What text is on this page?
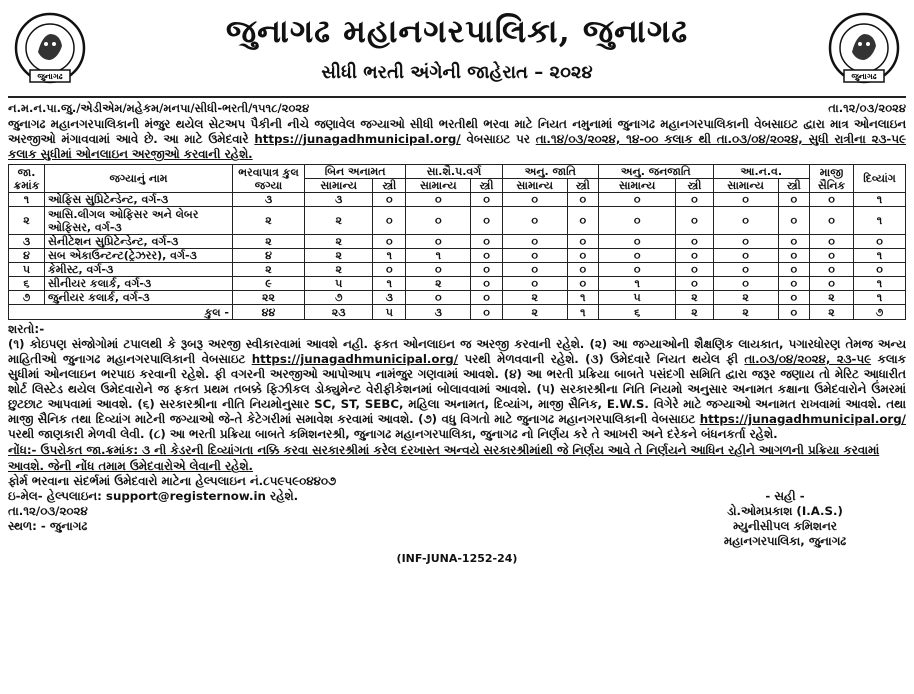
જુનાગઢ
જુનાગઢ મહાનગરપાલિકા, જુનાગઢ
સીધી ભરતી અંગેની જાહેરાત – ૨૦૨૪	જુનાગઢ
ન.મ.ન.પા.જુ./એડીએમ/મહેકમ/મનપા/સીધી-ભરતી/૧૫૧૮/૨૦૨૪	તા.૧૨/૦૩/૨૦૨૪
જુનાગઢ મહાનગરપાલિકાની મંજુર થયેલ સેટઅપ પૈકીની નીચે જણાવેલ જગ્યાઓ સીધી ભરતીથી ભરવા માટે નિયત નમુનામાં જુનાગઢ મહાનગરપાલિકાની વેબસાઇટ દ્વારા માત્ર ઓનલાઇન અરજીઓ મંગાવવામાં આવે છે. આ માટે ઉમેદવારે https://junagadhmunicipal.org/ વેબસાઇટ પર તા.૧૪/૦૩/૨૦૨૪, ૧૪-૦૦ કલાક થી તા.૦૩/૦૪/૨૦૨૪, સુધી રાત્રીના ૨૩-૫૯ કલાક સુધીમાં ઓનલાઇન અરજીઓ કરવાની રહેશે.
જા. ક્રમાંક	જગ્યાનું નામ	ભરવાપાત્ર કુલ જગ્યા	બિન અનામત		સા.શૈ.પ.વર્ગ		અનુ. જાતિ		અનુ. જનજાતિ		આ.ન.વ.		માજી સૈનિક	દિવ્યાંગ
			સામાન્ય	સ્ત્રી	સામાન્ય	સ્ત્રી	સામાન્ય	સ્ત્રી	સામાન્ય	સ્ત્રી	સામાન્ય	સ્ત્રી		
૧	ઓફિસ સુપ્રિટેન્ડેન્ટ, વર્ગ-૩	૩	૩	૦	૦	૦	૦	૦	૦	૦	૦	૦	૦	૧
૨	આસિ.લીગલ ઓફિસર અને લેબર ઓફિસર, વર્ગ-૩	૨	૨	૦	૦	૦	૦	૦	૦	૦	૦	૦	૦	૧
૩	સેનીટેશન સુપ્રિટેન્ડેન્ટ, વર્ગ-૩	૨	૨	૦	૦	૦	૦	૦	૦	૦	૦	૦	૦	૦
૪	સબ એકાઉન્ટન્ટ(ટ્રેઝરર), વર્ગ-૩	૪	૨	૧	૧	૦	૦	૦	૦	૦	૦	૦	૦	૧
૫	કેમીસ્ટ, વર્ગ-૩	૨	૨	૦	૦	૦	૦	૦	૦	૦	૦	૦	૦	૦
૬	સીનીયર કલાર્ક, વર્ગ-૩	૯	૫	૧	૨	૦	૦	૦	૧	૦	૦	૦	૦	૧
૭	જુનીયર કલાર્ક, વર્ગ-૩	૨૨	૭	૩	૦	૦	૨	૧	૫	૨	૨	૦	૨	૧
કુલ -		૪૪	૨૩	૫	૩	૦	૨	૧	૬	૨	૨	૦	૨	૭
શરતો:-
(૧) કોઇપણ સંજોગોમાં ટપાલથી કે રૂબરૂ અરજી સ્વીકારવામાં આવશે નહી. ફકત ઓનલાઇન જ અરજી કરવાની રહેશે. (૨) આ જગ્યાઓની શૈક્ષણિક લાયકાત, પગારધોરણ તેમજ અન્ય માહિતીઓ જુનાગઢ મહાનગરપાલિકાની વેબસાઇટ https://junagadhmunicipal.org/ પરથી મેળવવાની રહેશે. (૩) ઉમેદવારે નિયત થયેલ ફી તા.૦૩/૦૪/૨૦૨૪, ૨૩-૫૯ કલાક સુધીમાં ઓનલાઇન ભરપાઇ કરવાની રહેશે. ફી વગરની અરજીઓ આપોઆપ નામંજુર ગણવામાં આવશે. (૪) આ ભરતી પ્રક્રિયા બાબતે પસંદગી સમિતિ દ્વારા જરૂર જણાય તો મેરિટ આધારીત શોર્ટ લિસ્ટેડ થયેલ ઉમેદવારોને જ ફકત પ્રથમ તબક્કે ફિઝીકલ ડોક્યુમેન્ટ વેરીફીકેશનમાં બોલાવવામાં આવશે. (૫) સરકારશ્રીના નિતિ નિયમો અનુસાર અનામત કક્ષાના ઉમેદવારોને ઉંમરમાં છુટછાટ આપવામાં આવશે. (૬) સરકારશ્રીના નીતિ નિયમોનુસાર SC, ST, SEBC, મહિલા અનામત, દિવ્યાંગ, માજી સૈનિક, E.W.S. વિગેરે માટે જગ્યાઓ અનામત રાખવામાં આવશે. તથા માજી સૈનિક તથા દિવ્યાંગ માટેની જગ્યાઓ જે-તે કેટેગરીમાં સમાવેશ કરવામાં આવશે. (૭) વધુ વિગતો માટે જુનાગઢ મહાનગરપાલિકાની વેબસાઇટ https://junagadhmunicipal.org/ પરથી જાણકારી મેળવી લેવી. (૮) આ ભરતી પ્રક્રિયા બાબતે કમિશનરશ્રી, જુનાગઢ મહાનગરપાલિકા, જુનાગઢ નો નિર્ણય કરે તે આખરી અને દરેકને બંધનકર્તા રહેશે.
નોંધ:- ઉપરોકત જા.ક્રમાંક: ૩ ની કેડરની દિવ્યાંગતા નક્કિ કરવા સરકારશ્રીમાં કરેલ દરખાસ્ત અન્વયે સરકારશ્રીમાંથી જે નિર્ણય આવે તે નિર્ણયને આધિન રહીને આગળની પ્રક્રિયા કરવામાં આવશે. જેની નોંધ તમામ ઉમેદવારોએ લેવાની રહેશે.
ફોર્મ ભરવાના સંદર્ભમાં ઉમેદવારો માટેના હેલ્પલાઇન નં.૮૫૯૫૯૦૪૪૦૭
ઇ-મેલ- હેલ્પલાઇન: support@registernow.in રહેશે.
તા.૧૨/૦૩/૨૦૨૪
સ્થળ: - જુનાગઢ
- સહી -
ડો.ઓમપ્રકાશ (I.A.S.)
મ્યુનીસીપલ કમિશનર
મહાનગરપાલિકા, જુનાગઢ
(INF-JUNA-1252-24)
